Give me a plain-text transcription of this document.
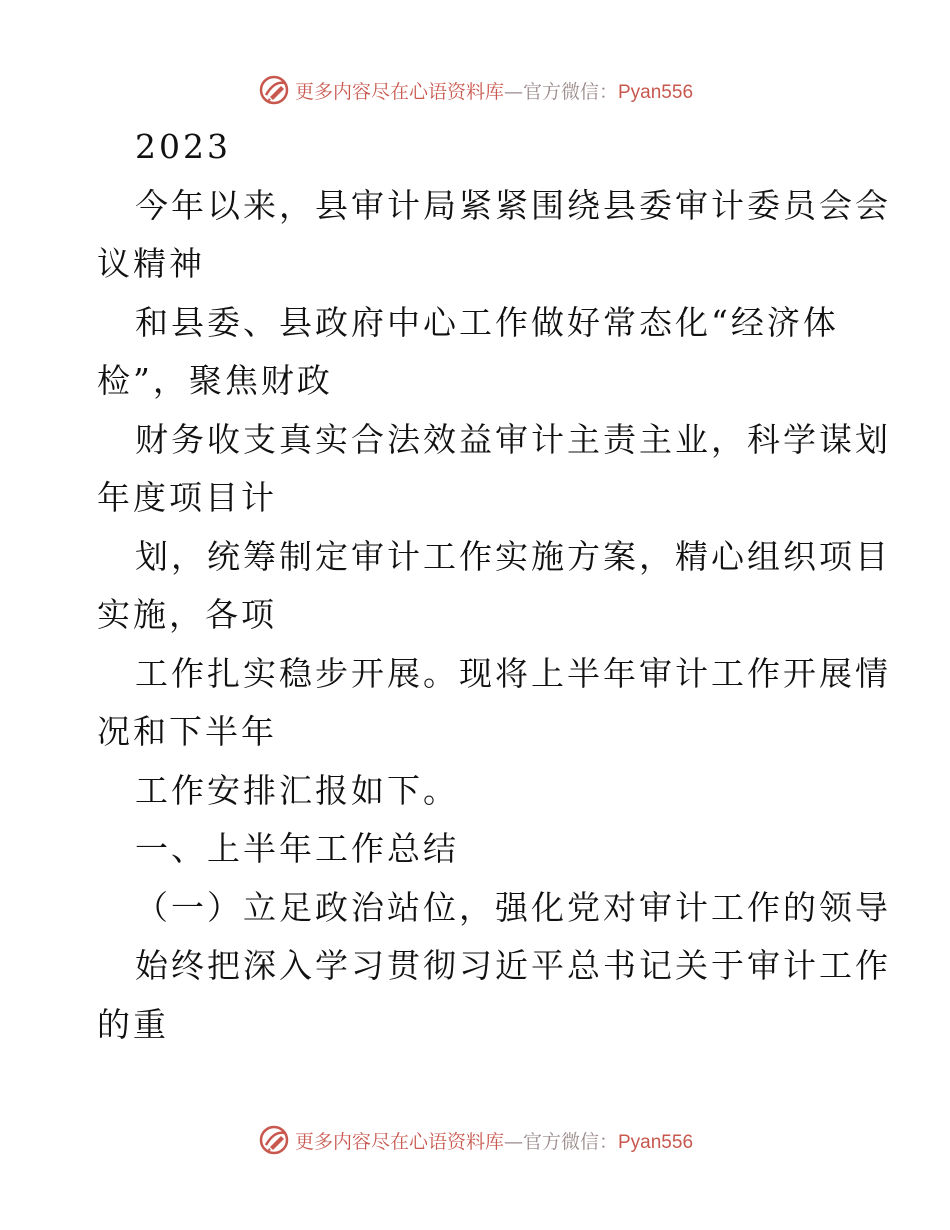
更多内容尽在心语资料库—官方微信：Pyan556
2023
今年以来，县审计局紧紧围绕县委审计委员会会
议精神
和县委、县政府中心工作做好常态化“经济体
检”，聚焦财政
财务收支真实合法效益审计主责主业，科学谋划
年度项目计
划，统筹制定审计工作实施方案，精心组织项目
实施，各项
工作扎实稳步开展。现将上半年审计工作开展情
况和下半年
工作安排汇报如下。
一、上半年工作总结
（一）立足政治站位，强化党对审计工作的领导
始终把深入学习贯彻习近平总书记关于审计工作
的重
更多内容尽在心语资料库—官方微信：Pyan556
